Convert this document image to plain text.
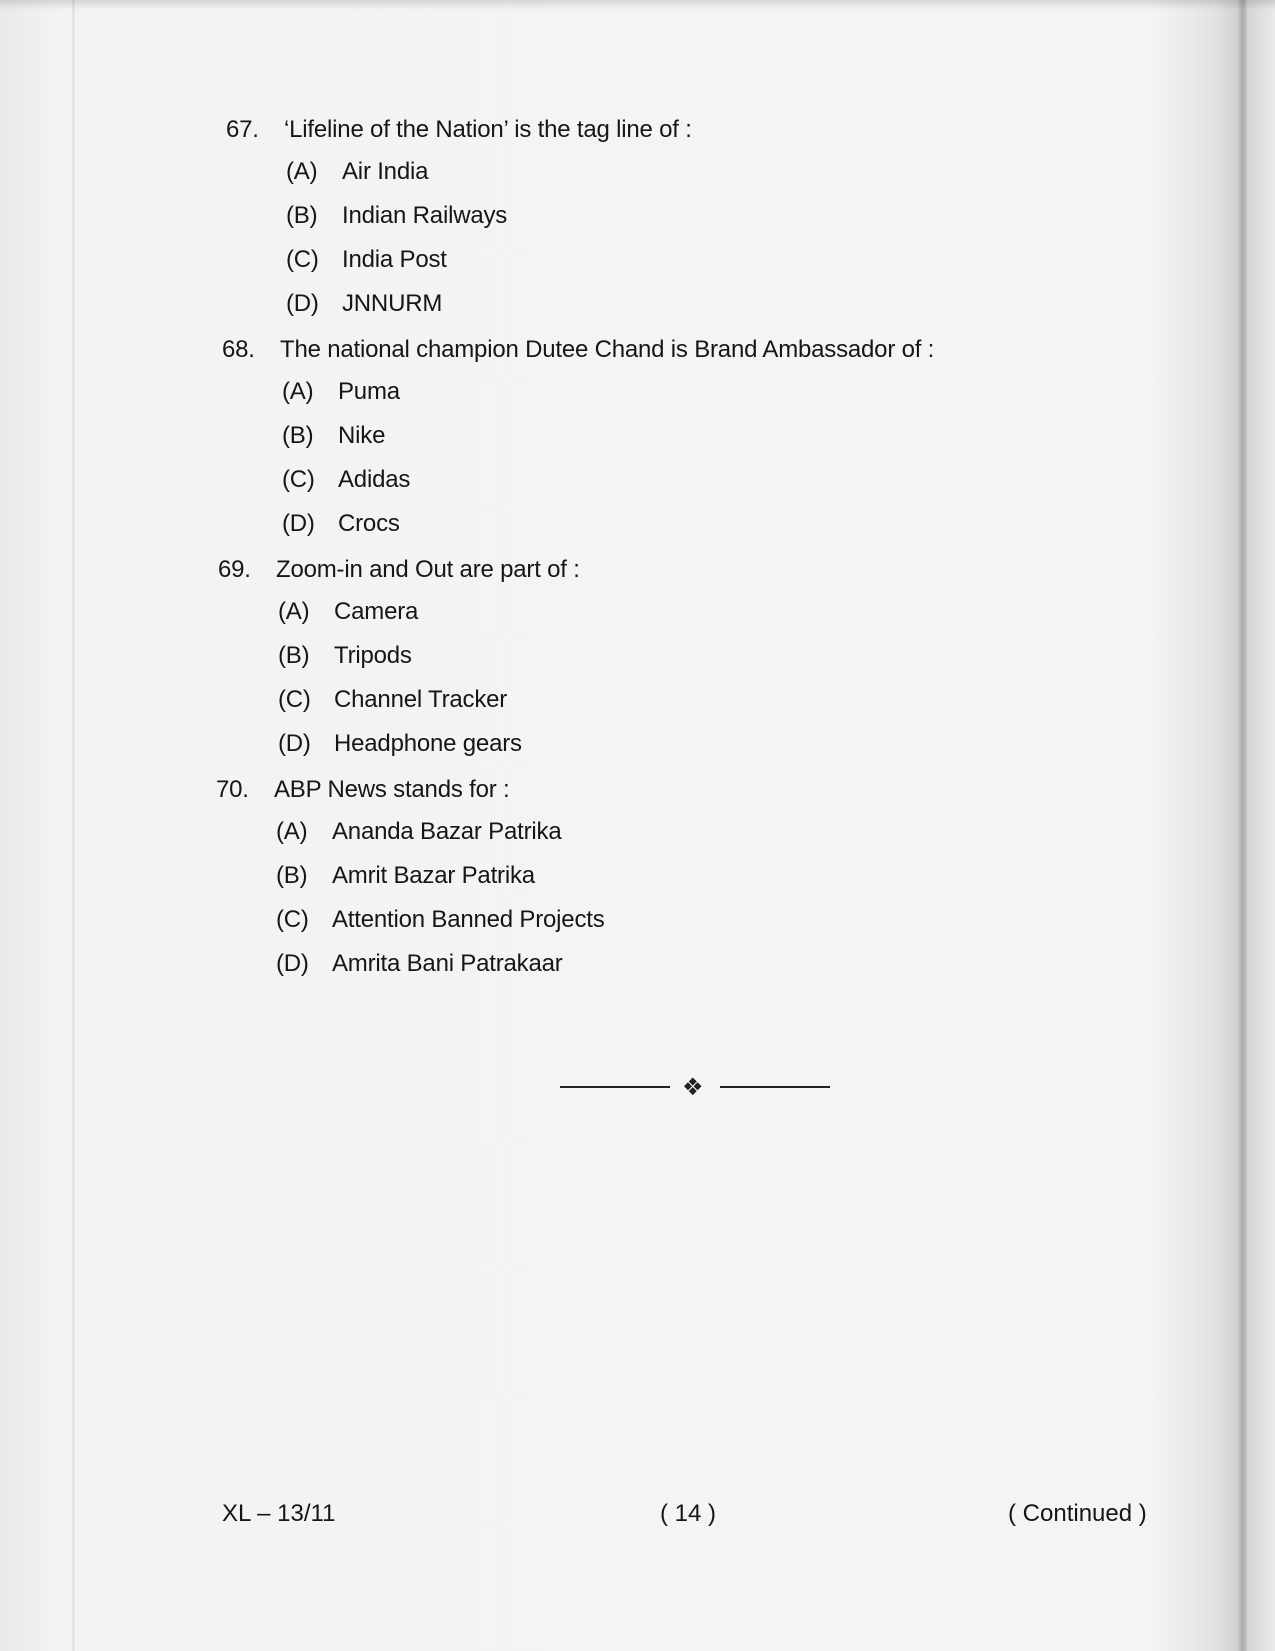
67. ‘Lifeline of the Nation’ is the tag line of :
(A) Air India
(B) Indian Railways
(C) India Post
(D) JNNURM
68. The national champion Dutee Chand is Brand Ambassador of :
(A) Puma
(B) Nike
(C) Adidas
(D) Crocs
69. Zoom-in and Out are part of :
(A) Camera
(B) Tripods
(C) Channel Tracker
(D) Headphone gears
70. ABP News stands for :
(A) Ananda Bazar Patrika
(B) Amrit Bazar Patrika
(C) Attention Banned Projects
(D) Amrita Bani Patrakaar
❖
XL – 13/11	( 14 )	( Continued )
